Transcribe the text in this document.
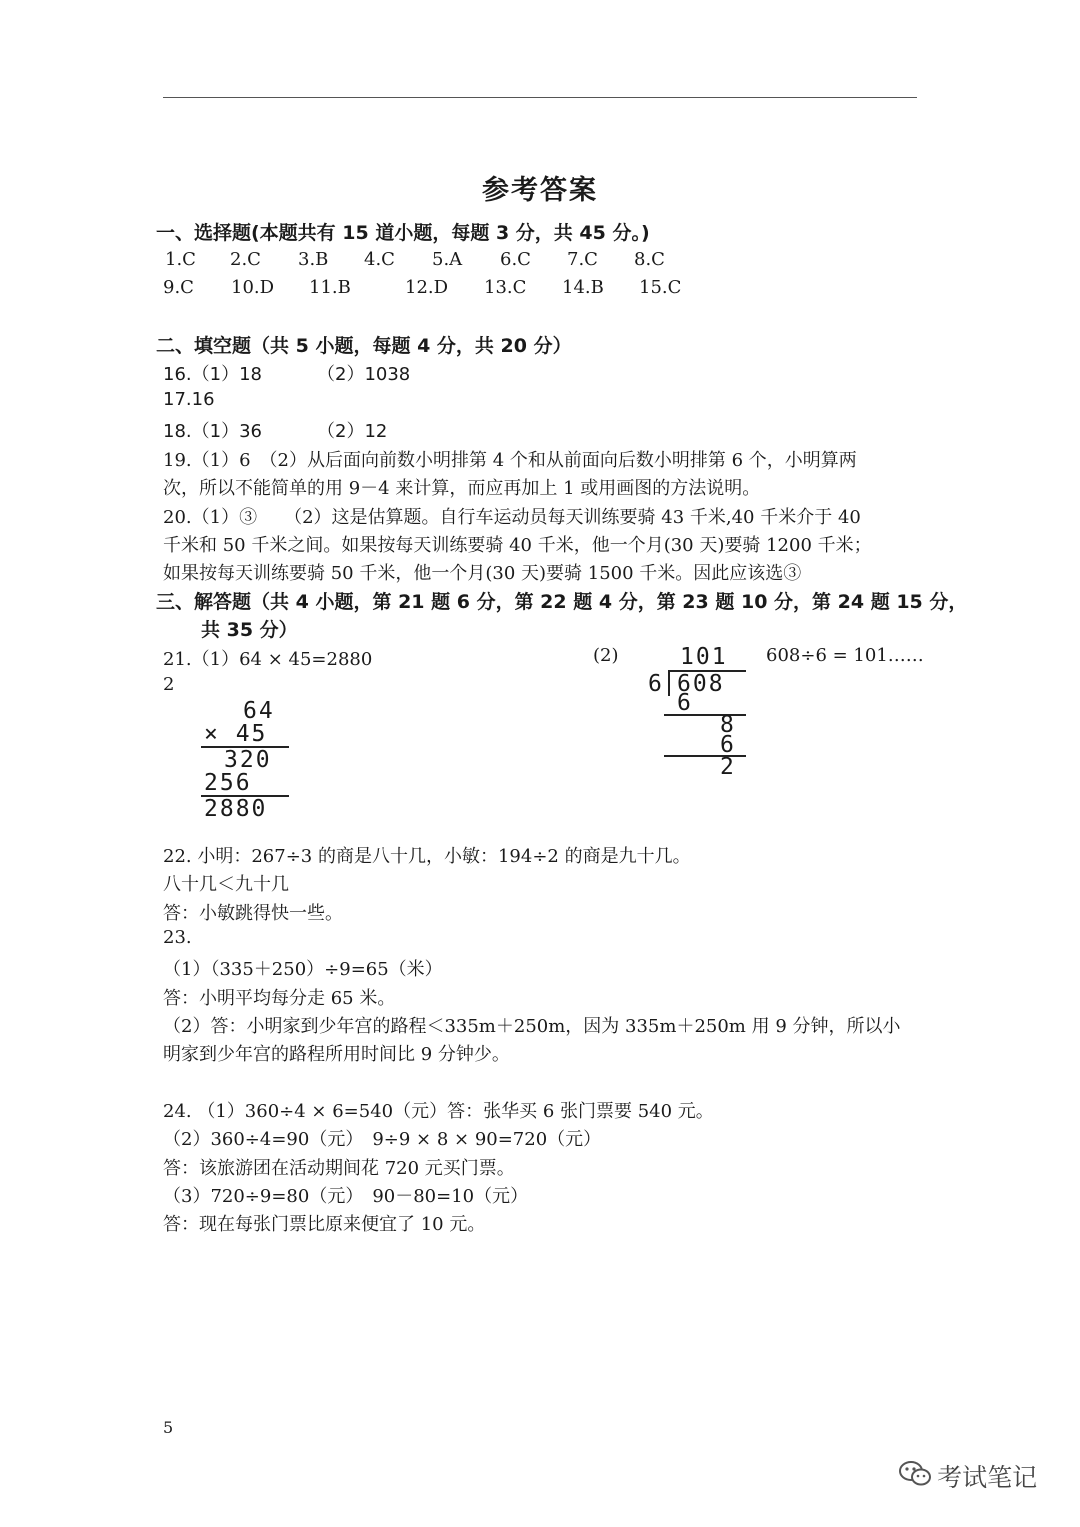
参考答案
一、选择题(本题共有 15 道小题，每题 3 分，共 45 分。)
1.C 2.C 3.B 4.C 5.A 6.C 7.C 8.C
9.C 10.D 11.B	12.D 13.C 14.B 15.C
二、填空题（共 5 小题，每题 4 分，共 20 分）
16.（1）18	（2）1038
17.16
18.（1）36	（2）12
19.（1）6　（2）从后面向前数小明排第 4 个和从前面向后数小明排第 6 个，小明算两
次，所以不能简单的用 9－4 来计算，而应再加上 1 或用画图的方法说明。
20.（1）③　　（2）这是估算题。自行车运动员每天训练要骑 43 千米,40 千米介于 40
千米和 50 千米之间。如果按每天训练要骑 40 千米，他一个月(30 天)要骑 1200 千米；
如果按每天训练要骑 50 千米，他一个月(30 天)要骑 1500 千米。因此应该选③
三、解答题（共 4 小题，第 21 题 6 分，第 22 题 4 分，第 23 题 10 分，第 24 题 15 分，
共 35 分）
21.（1）64 × 45=2880
2
(2)	608÷6 = 101……
64
× 45
320
256
2880
101
6 608
6
8
6
2
22. 小明：267÷3 的商是八十几，小敏：194÷2 的商是九十几。
八十几＜九十几
答：小敏跳得快一些。
23.
（1）（335＋250）÷9=65（米）
答：小明平均每分走 65 米。
（2）答：小明家到少年宫的路程＜335m＋250m，因为 335m＋250m 用 9 分钟，所以小
明家到少年宫的路程所用时间比 9 分钟少。
24. （1）360÷4 × 6=540（元）答：张华买 6 张门票要 540 元。
（2）360÷4=90（元）　9÷9 × 8 × 90=720（元）
答：该旅游团在活动期间花 720 元买门票。
（3）720÷9=80（元）　90－80=10（元）
答：现在每张门票比原来便宜了 10 元。
5
考试笔记
